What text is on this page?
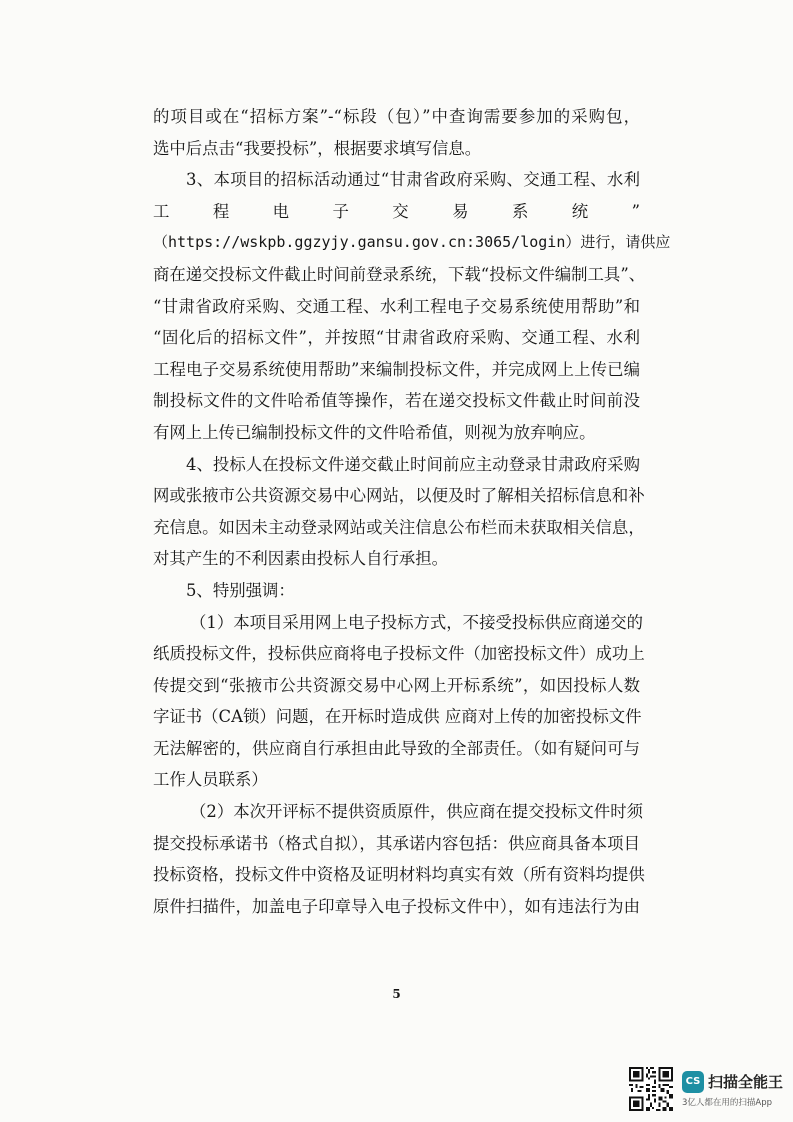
的项目或在“招标方案”-“标段（包）”中查询需要参加的采购包，
选中后点击“我要投标”，根据要求填写信息。
3、本项目的招标活动通过“甘肃省政府采购、交通工程、水利
工程电子交易系统”
（https://wskpb.ggzyjy.gansu.gov.cn:3065/login）进行，请供应
商在递交投标文件截止时间前登录系统，下载“投标文件编制工具”、
“甘肃省政府采购、交通工程、水利工程电子交易系统使用帮助”和
“固化后的招标文件”，并按照“甘肃省政府采购、交通工程、水利
工程电子交易系统使用帮助”来编制投标文件，并完成网上上传已编
制投标文件的文件哈希值等操作，若在递交投标文件截止时间前没
有网上上传已编制投标文件的文件哈希值，则视为放弃响应。
4、投标人在投标文件递交截止时间前应主动登录甘肃政府采购
网或张掖市公共资源交易中心网站，以便及时了解相关招标信息和补
充信息。如因未主动登录网站或关注信息公布栏而未获取相关信息，
对其产生的不利因素由投标人自行承担。
5、特别强调：
（1）本项目采用网上电子投标方式，不接受投标供应商递交的
纸质投标文件，投标供应商将电子投标文件（加密投标文件）成功上
传提交到“张掖市公共资源交易中心网上开标系统”，如因投标人数
字证书（CA锁）问题，在开标时造成供 应商对上传的加密投标文件
无法解密的，供应商自行承担由此导致的全部责任。（如有疑问可与
工作人员联系）
（2）本次开评标不提供资质原件，供应商在提交投标文件时须
提交投标承诺书（格式自拟），其承诺内容包括：供应商具备本项目
投标资格，投标文件中资格及证明材料均真实有效（所有资料均提供
原件扫描件，加盖电子印章导入电子投标文件中），如有违法行为由
5
CS 扫描全能王
3亿人都在用的扫描App
